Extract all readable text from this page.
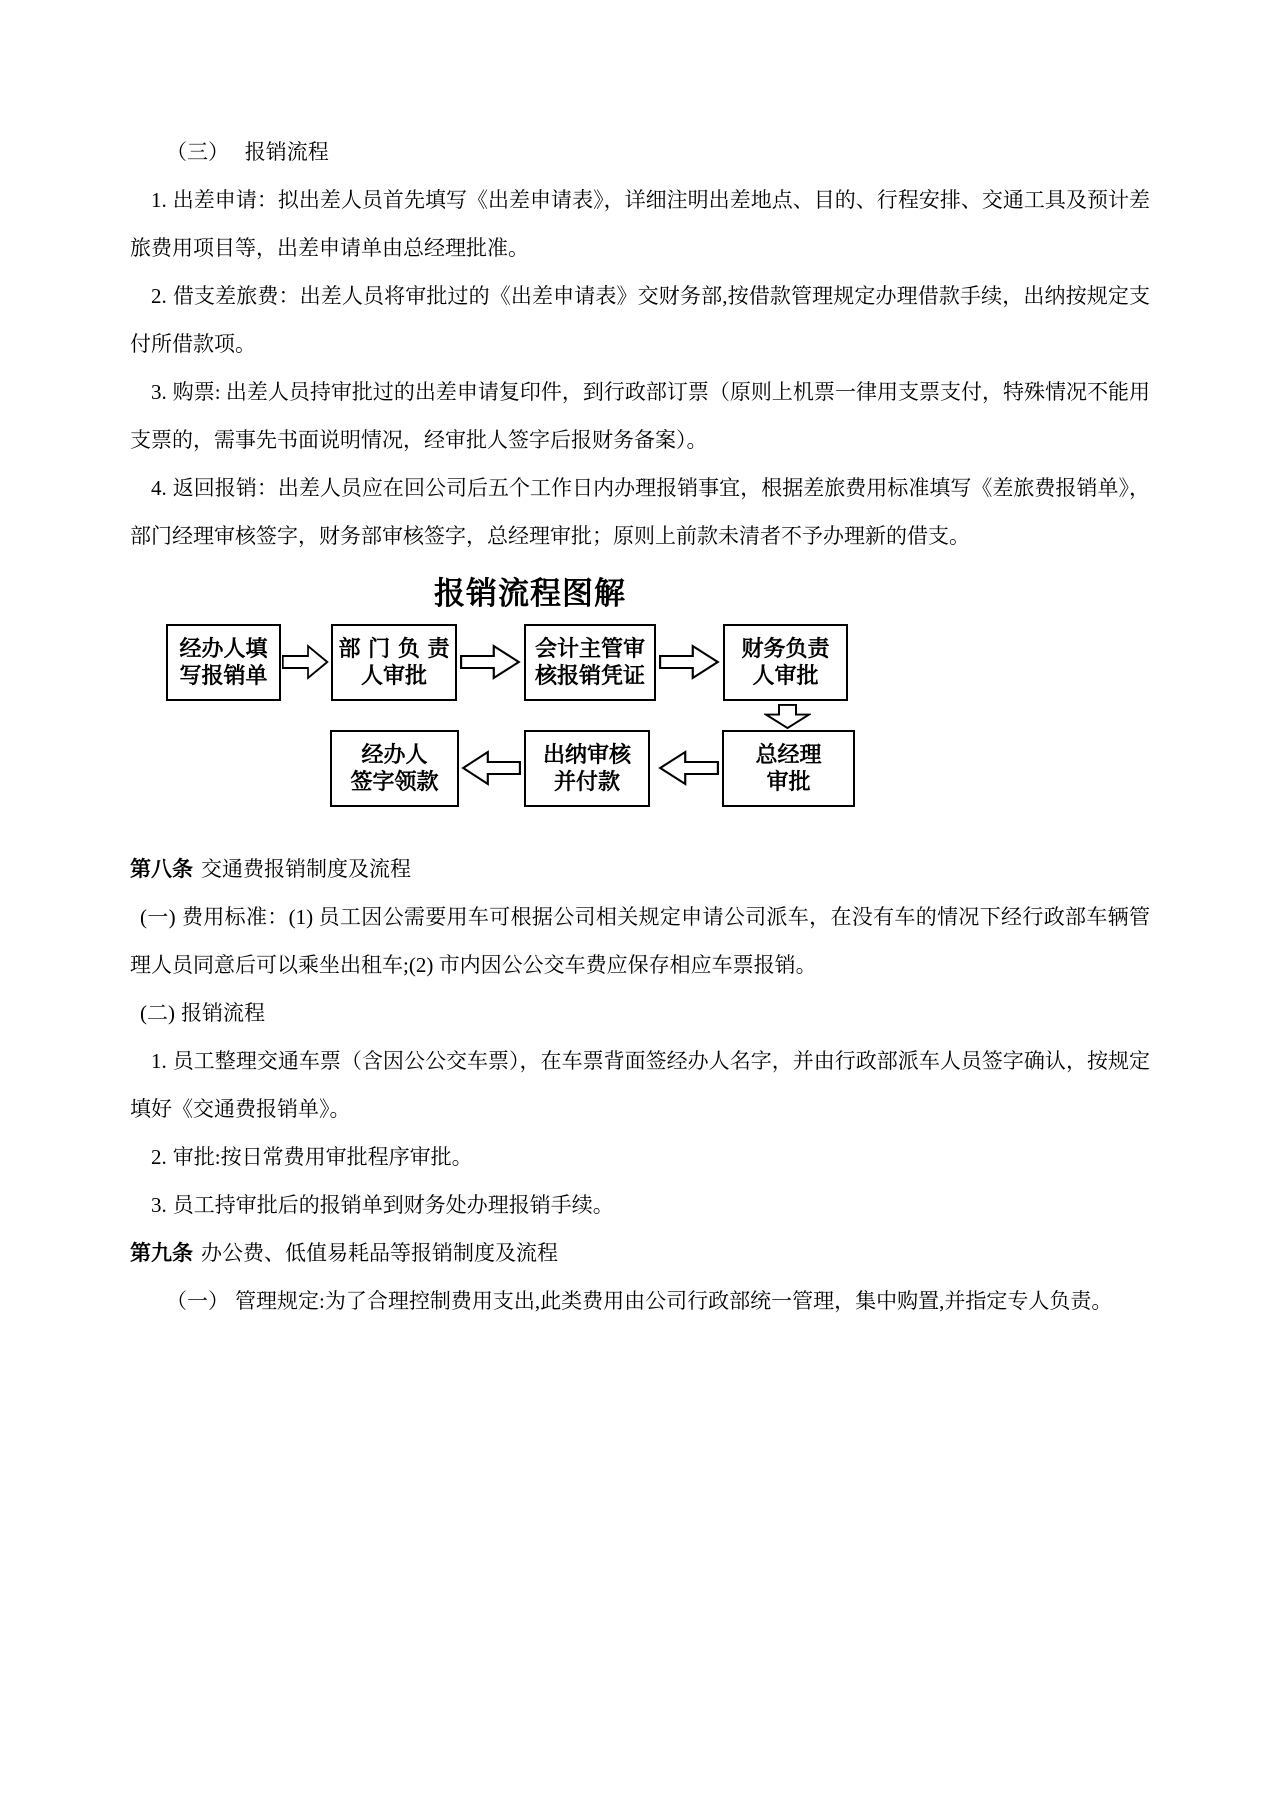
（三）　 报销流程

1. 出差申请：拟出差人员首先填写《出差申请表》，详细注明出差地点、目的、行程安排、交通工具及预计差旅费用项目等，出差申请单由总经理批准。

2. 借支差旅费：出差人员将审批过的《出差申请表》交财务部,按借款管理规定办理借款手续，出纳按规定支付所借款项。

3. 购票: 出差人员持审批过的出差申请复印件，到行政部订票（原则上机票一律用支票支付，特殊情况不能用支票的，需事先书面说明情况，经审批人签字后报财务备案）。

4. 返回报销：出差人员应在回公司后五个工作日内办理报销事宜，根据差旅费用标准填写《差旅费报销单》，部门经理审核签字，财务部审核签字，总经理审批；原则上前款未清者不予办理新的借支。

报销流程图解
经办人填
写报销单
部 门 负 责
人审批
会计主管审
核报销凭证
财务负责
人审批
总经理
审批
出纳审核
并付款
经办人
签字领款

第八条 交通费报销制度及流程

(一) 费用标准：(1) 员工因公需要用车可根据公司相关规定申请公司派车，在没有车的情况下经行政部车辆管理人员同意后可以乘坐出租车;(2) 市内因公公交车费应保存相应车票报销。

(二) 报销流程

1. 员工整理交通车票（含因公公交车票），在车票背面签经办人名字，并由行政部派车人员签字确认，按规定填好《交通费报销单》。

2. 审批:按日常费用审批程序审批。

3. 员工持审批后的报销单到财务处办理报销手续。

第九条 办公费、低值易耗品等报销制度及流程

（一） 管理规定:为了合理控制费用支出,此类费用由公司行政部统一管理，集中购置,并指定专人负责。
